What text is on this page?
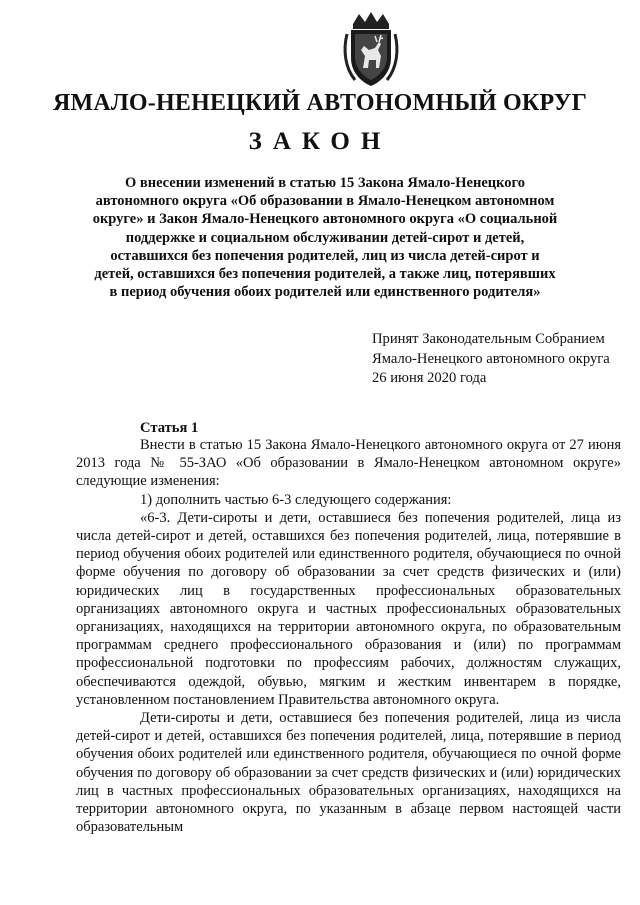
ЯМАЛО-НЕНЕЦКИЙ АВТОНОМНЫЙ ОКРУГ
ЗАКОН
О внесении изменений в статью 15 Закона Ямало-Ненецкого автономного округа «Об образовании в Ямало-Ненецком автономном округе» и Закон Ямало-Ненецкого автономного округа «О социальной поддержке и социальном обслуживании детей-сирот и детей, оставшихся без попечения родителей, лиц из числа детей-сирот и детей, оставшихся без попечения родителей, а также лиц, потерявших в период обучения обоих родителей или единственного родителя»
Принят Законодательным Собранием
Ямало-Ненецкого автономного округа
26 июня 2020 года
Статья 1

Внести в статью 15 Закона Ямало-Ненецкого автономного округа от 27 июня 2013 года № 55-ЗАО «Об образовании в Ямало-Ненецком автономном округе» следующие изменения:

1) дополнить частью 6-3 следующего содержания:

«6-3. Дети-сироты и дети, оставшиеся без попечения родителей, лица из числа детей-сирот и детей, оставшихся без попечения родителей, лица, потерявшие в период обучения обоих родителей или единственного родителя, обучающиеся по очной форме обучения по договору об образовании за счет средств физических и (или) юридических лиц в государственных профессиональных образовательных организациях автономного округа и частных профессиональных образовательных организациях, находящихся на территории автономного округа, по образовательным программам среднего профессионального образования и (или) по программам профессиональной подготовки по профессиям рабочих, должностям служащих, обеспечиваются одеждой, обувью, мягким и жестким инвентарем в порядке, установленном постановлением Правительства автономного округа.

Дети-сироты и дети, оставшиеся без попечения родителей, лица из числа детей-сирот и детей, оставшихся без попечения родителей, лица, потерявшие в период обучения обоих родителей или единственного родителя, обучающиеся по очной форме обучения по договору об образовании за счет средств физических и (или) юридических лиц в частных профессиональных образовательных организациях, находящихся на территории автономного округа, по указанным в абзаце первом настоящей части образовательным
